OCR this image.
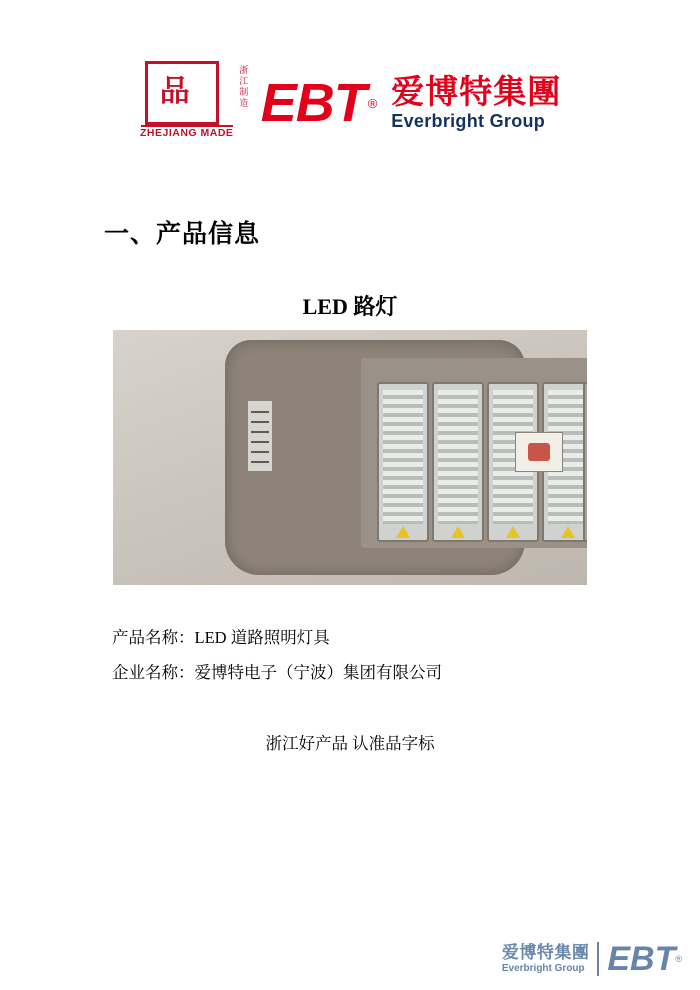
品
浙江制造
ZHEJIANG MADE EBT ® 爱博特集團
Everbright Group
一、产品信息
LED 路灯
产品名称：LED 道路照明灯具
企业名称：爱博特电子（宁波）集团有限公司
浙江好产品 认准品字标
爱博特集團
Everbright Group EBT ®
